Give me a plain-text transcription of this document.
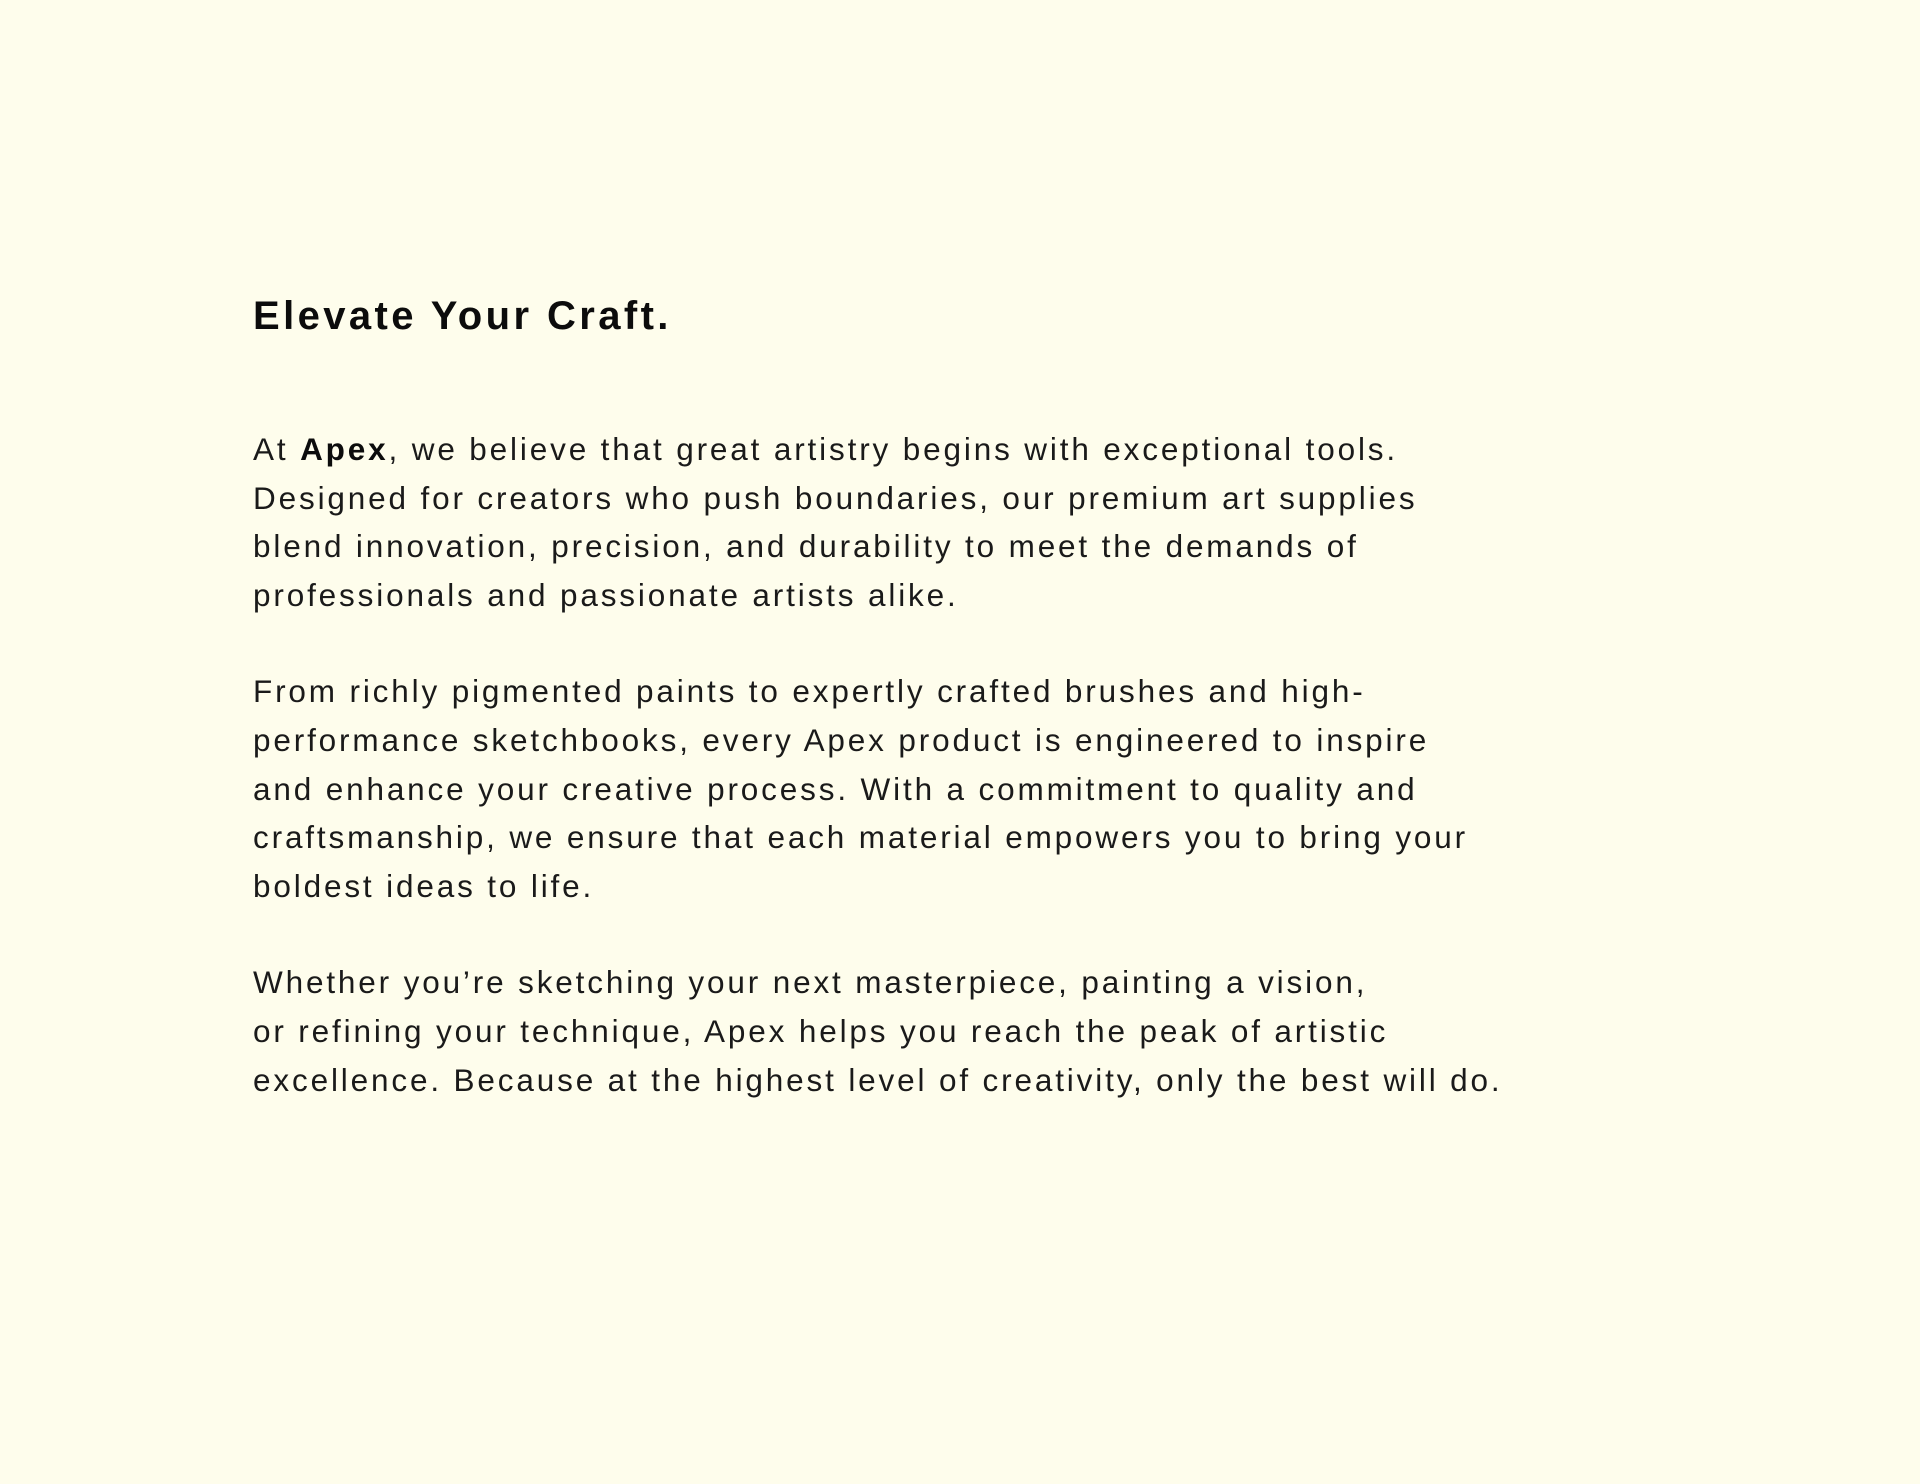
Elevate Your Craft.

At Apex, we believe that great artistry begins with exceptional tools.
Designed for creators who push boundaries, our premium art supplies
blend innovation, precision, and durability to meet the demands of
professionals and passionate artists alike.

From richly pigmented paints to expertly crafted brushes and high-
performance sketchbooks, every Apex product is engineered to inspire
and enhance your creative process. With a commitment to quality and
craftsmanship, we ensure that each material empowers you to bring your
boldest ideas to life.

Whether you’re sketching your next masterpiece, painting a vision,
or refining your technique, Apex helps you reach the peak of artistic
excellence. Because at the highest level of creativity, only the best will do.
